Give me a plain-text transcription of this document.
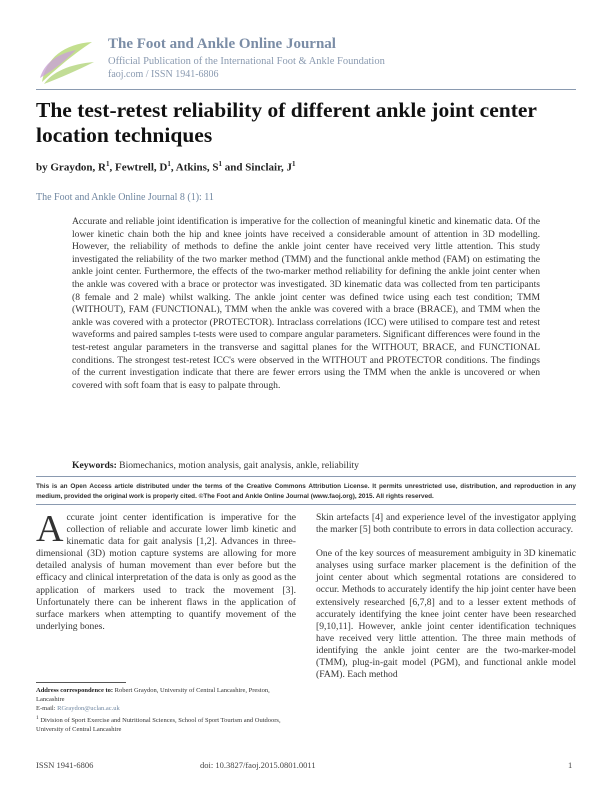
The Foot and Ankle Online Journal
Official Publication of the International Foot & Ankle Foundation
faoj.com / ISSN 1941-6806
The test-retest reliability of different ankle joint center location techniques
by Graydon, $R^1$, Fewtrell, $D^1$, Atkins, $S^1$ and Sinclair, $J^1$
The Foot and Ankle Online Journal 8 (1): 11
Accurate and reliable joint identification is imperative for the collection of meaningful kinetic and kinematic data. Of the lower kinetic chain both the hip and knee joints have received a considerable amount of attention in 3D modelling. However, the reliability of methods to define the ankle joint center have received very little attention. This study investigated the reliability of the two marker method (TMM) and the functional ankle method (FAM) on estimating the ankle joint center. Furthermore, the effects of the two-marker method reliability for defining the ankle joint center when the ankle was covered with a brace or protector was investigated. 3D kinematic data was collected from ten participants (8 female and 2 male) whilst walking. The ankle joint center was defined twice using each test condition; TMM (WITHOUT), FAM (FUNCTIONAL), TMM when the ankle was covered with a brace (BRACE), and TMM when the ankle was covered with a protector (PROTECTOR). Intraclass correlations (ICC) were utilised to compare test and retest waveforms and paired samples t-tests were used to compare angular parameters. Significant differences were found in the test-retest angular parameters in the transverse and sagittal planes for the WITHOUT, BRACE, and FUNCTIONAL conditions. The strongest test-retest ICC's were observed in the WITHOUT and PROTECTOR conditions. The findings of the current investigation indicate that there are fewer errors using the TMM when the ankle is uncovered or when covered with soft foam that is easy to palpate through.
Keywords: Biomechanics, motion analysis, gait analysis, ankle, reliability
This is an Open Access article distributed under the terms of the Creative Commons Attribution License. It permits unrestricted use, distribution, and reproduction in any medium, provided the original work is properly cited. ©The Foot and Ankle Online Journal (www.faoj.org), 2015. All rights reserved.

Accurate joint center identification is imperative for the collection of reliable and accurate lower limb kinetic and kinematic data for gait analysis [1,2]. Advances in three-dimensional (3D) motion capture systems are allowing for more detailed analysis of human movement than ever before but the efficacy and clinical interpretation of the data is only as good as the application of markers used to track the movement [3]. Unfortunately there can be inherent flaws in the application of surface markers when attempting to quantify movement of the underlying bones.

Skin artefacts [4] and experience level of the investigator applying the marker [5] both contribute to errors in data collection accuracy.

One of the key sources of measurement ambiguity in 3D kinematic analyses using surface marker placement is the definition of the joint center about which segmental rotations are considered to occur. Methods to accurately identify the hip joint center have been extensively researched [6,7,8] and to a lesser extent methods of accurately identifying the knee joint center have been researched [9,10,11]. However, ankle joint center identification techniques have received very little attention. The three main methods of identifying the ankle joint center are the two-marker-model (TMM), plug-in-gait model (PGM), and functional ankle model (FAM). Each method

Address correspondence to: Robert Graydon, University of Central Lancashire, Preston, Lancashire
E-mail: RGraydon@uclan.ac.uk
$^1$ Division of Sport Exercise and Nutritional Sciences, School of Sport Tourism and Outdoors, University of Central Lancashire
ISSN 1941-6806	doi: 10.3827/faoj.2015.0801.0011	1
